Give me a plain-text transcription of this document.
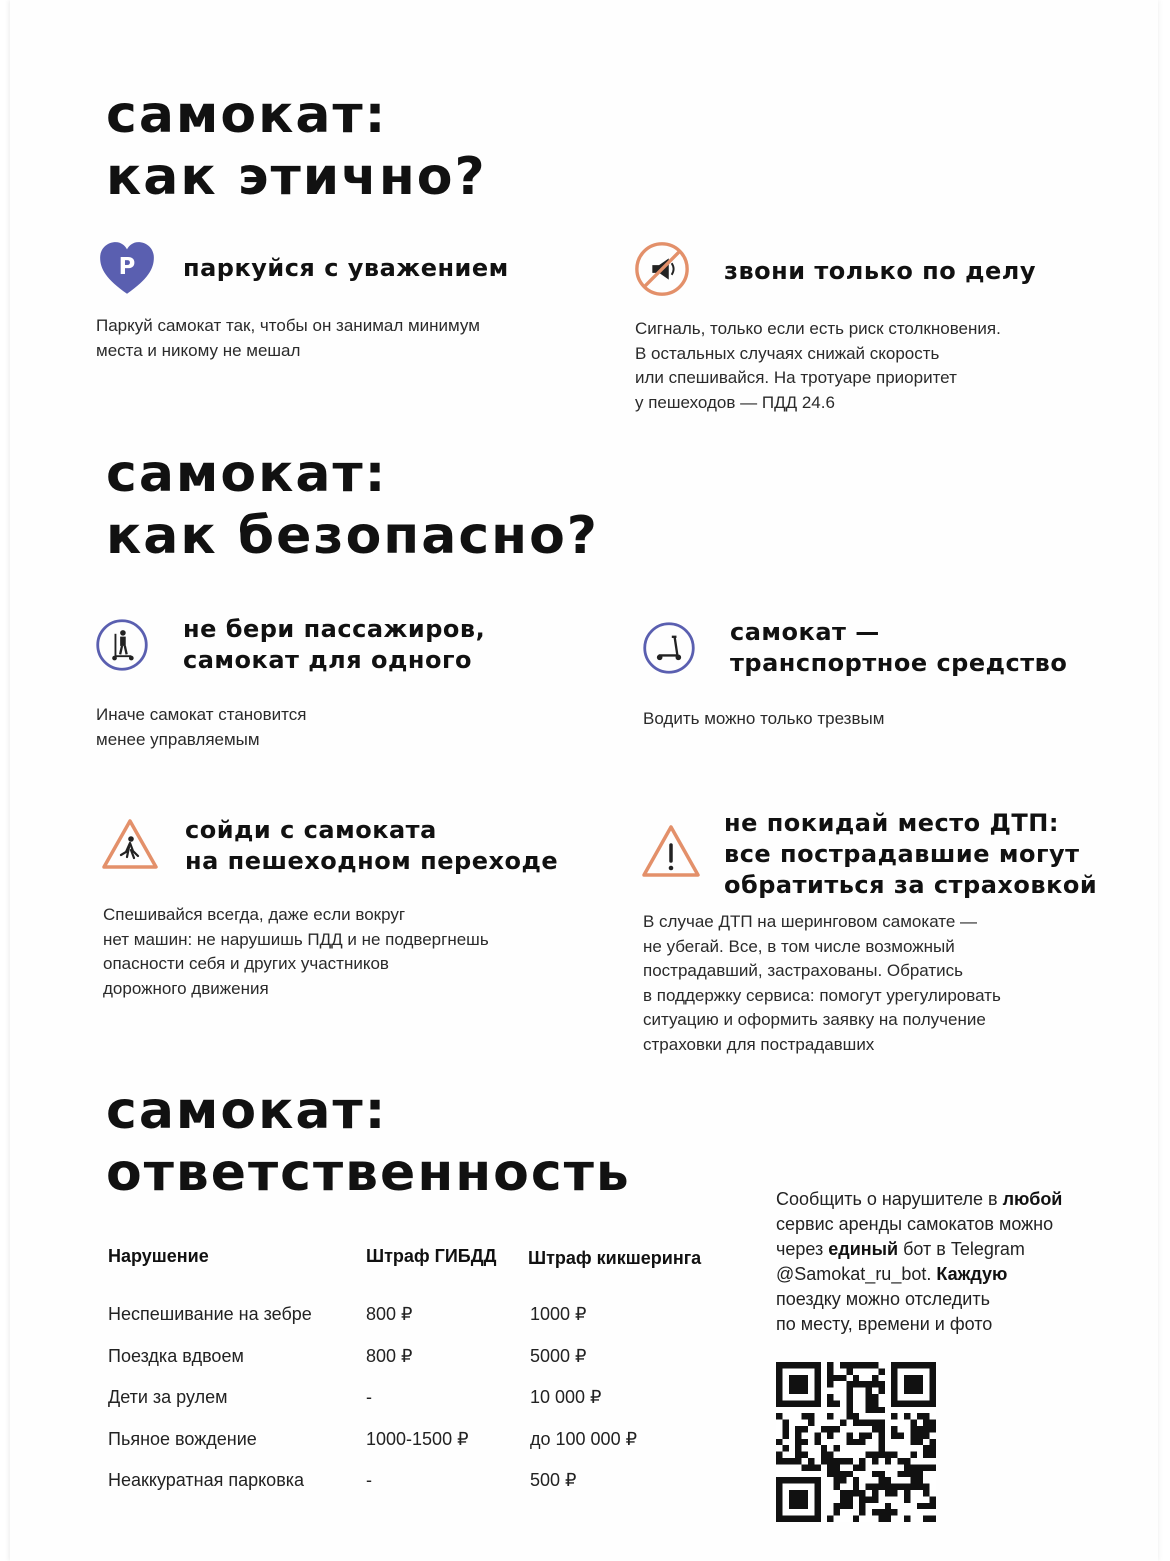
самокат:
как этично?
P паркуйся с уважением

Паркуй самокат так, чтобы он занимал минимум
места и никому не мешал

звони только по делу

Сигналь, только если есть риск столкновения.
В остальных случаях снижай скорость
или спешивайся. На тротуаре приоритет
у пешеходов — ПДД 24.6

самокат:
как безопасно?
не бери пассажиров,
самокат для одного

Иначе самокат становится
менее управляемым

самокат —
транспортное средство

Водить можно только трезвым

сойди с самоката
на пешеходном переходе

Спешивайся всегда, даже если вокруг
нет машин: не нарушишь ПДД и не подвергнешь
опасности себя и других участников
дорожного движения

не покидай место ДТП:
все пострадавшие могут
обратиться за страховкой

В случае ДТП на шеринговом самокате —
не убегай. Все, в том числе возможный
пострадавший, застрахованы. Обратись
в поддержку сервиса: помогут урегулировать
ситуацию и оформить заявку на получение
страховки для пострадавших

самокат:
ответственность
Нарушение	Штраф ГИБДД Штраф кикшеринга
Неспешивание на зебре	800 ₽	1000 ₽
Поездка вдвоем	800 ₽	5000 ₽
Дети за рулем	-	10 000 ₽
Пьяное вождение	1000-1500 ₽	до 100 000 ₽
Неаккуратная парковка	-	500 ₽

Сообщить о нарушителе в любой
сервис аренды самокатов можно
через единый бот в Telegram
@Samokat_ru_bot. Каждую
поездку можно отследить
по месту, времени и фото
